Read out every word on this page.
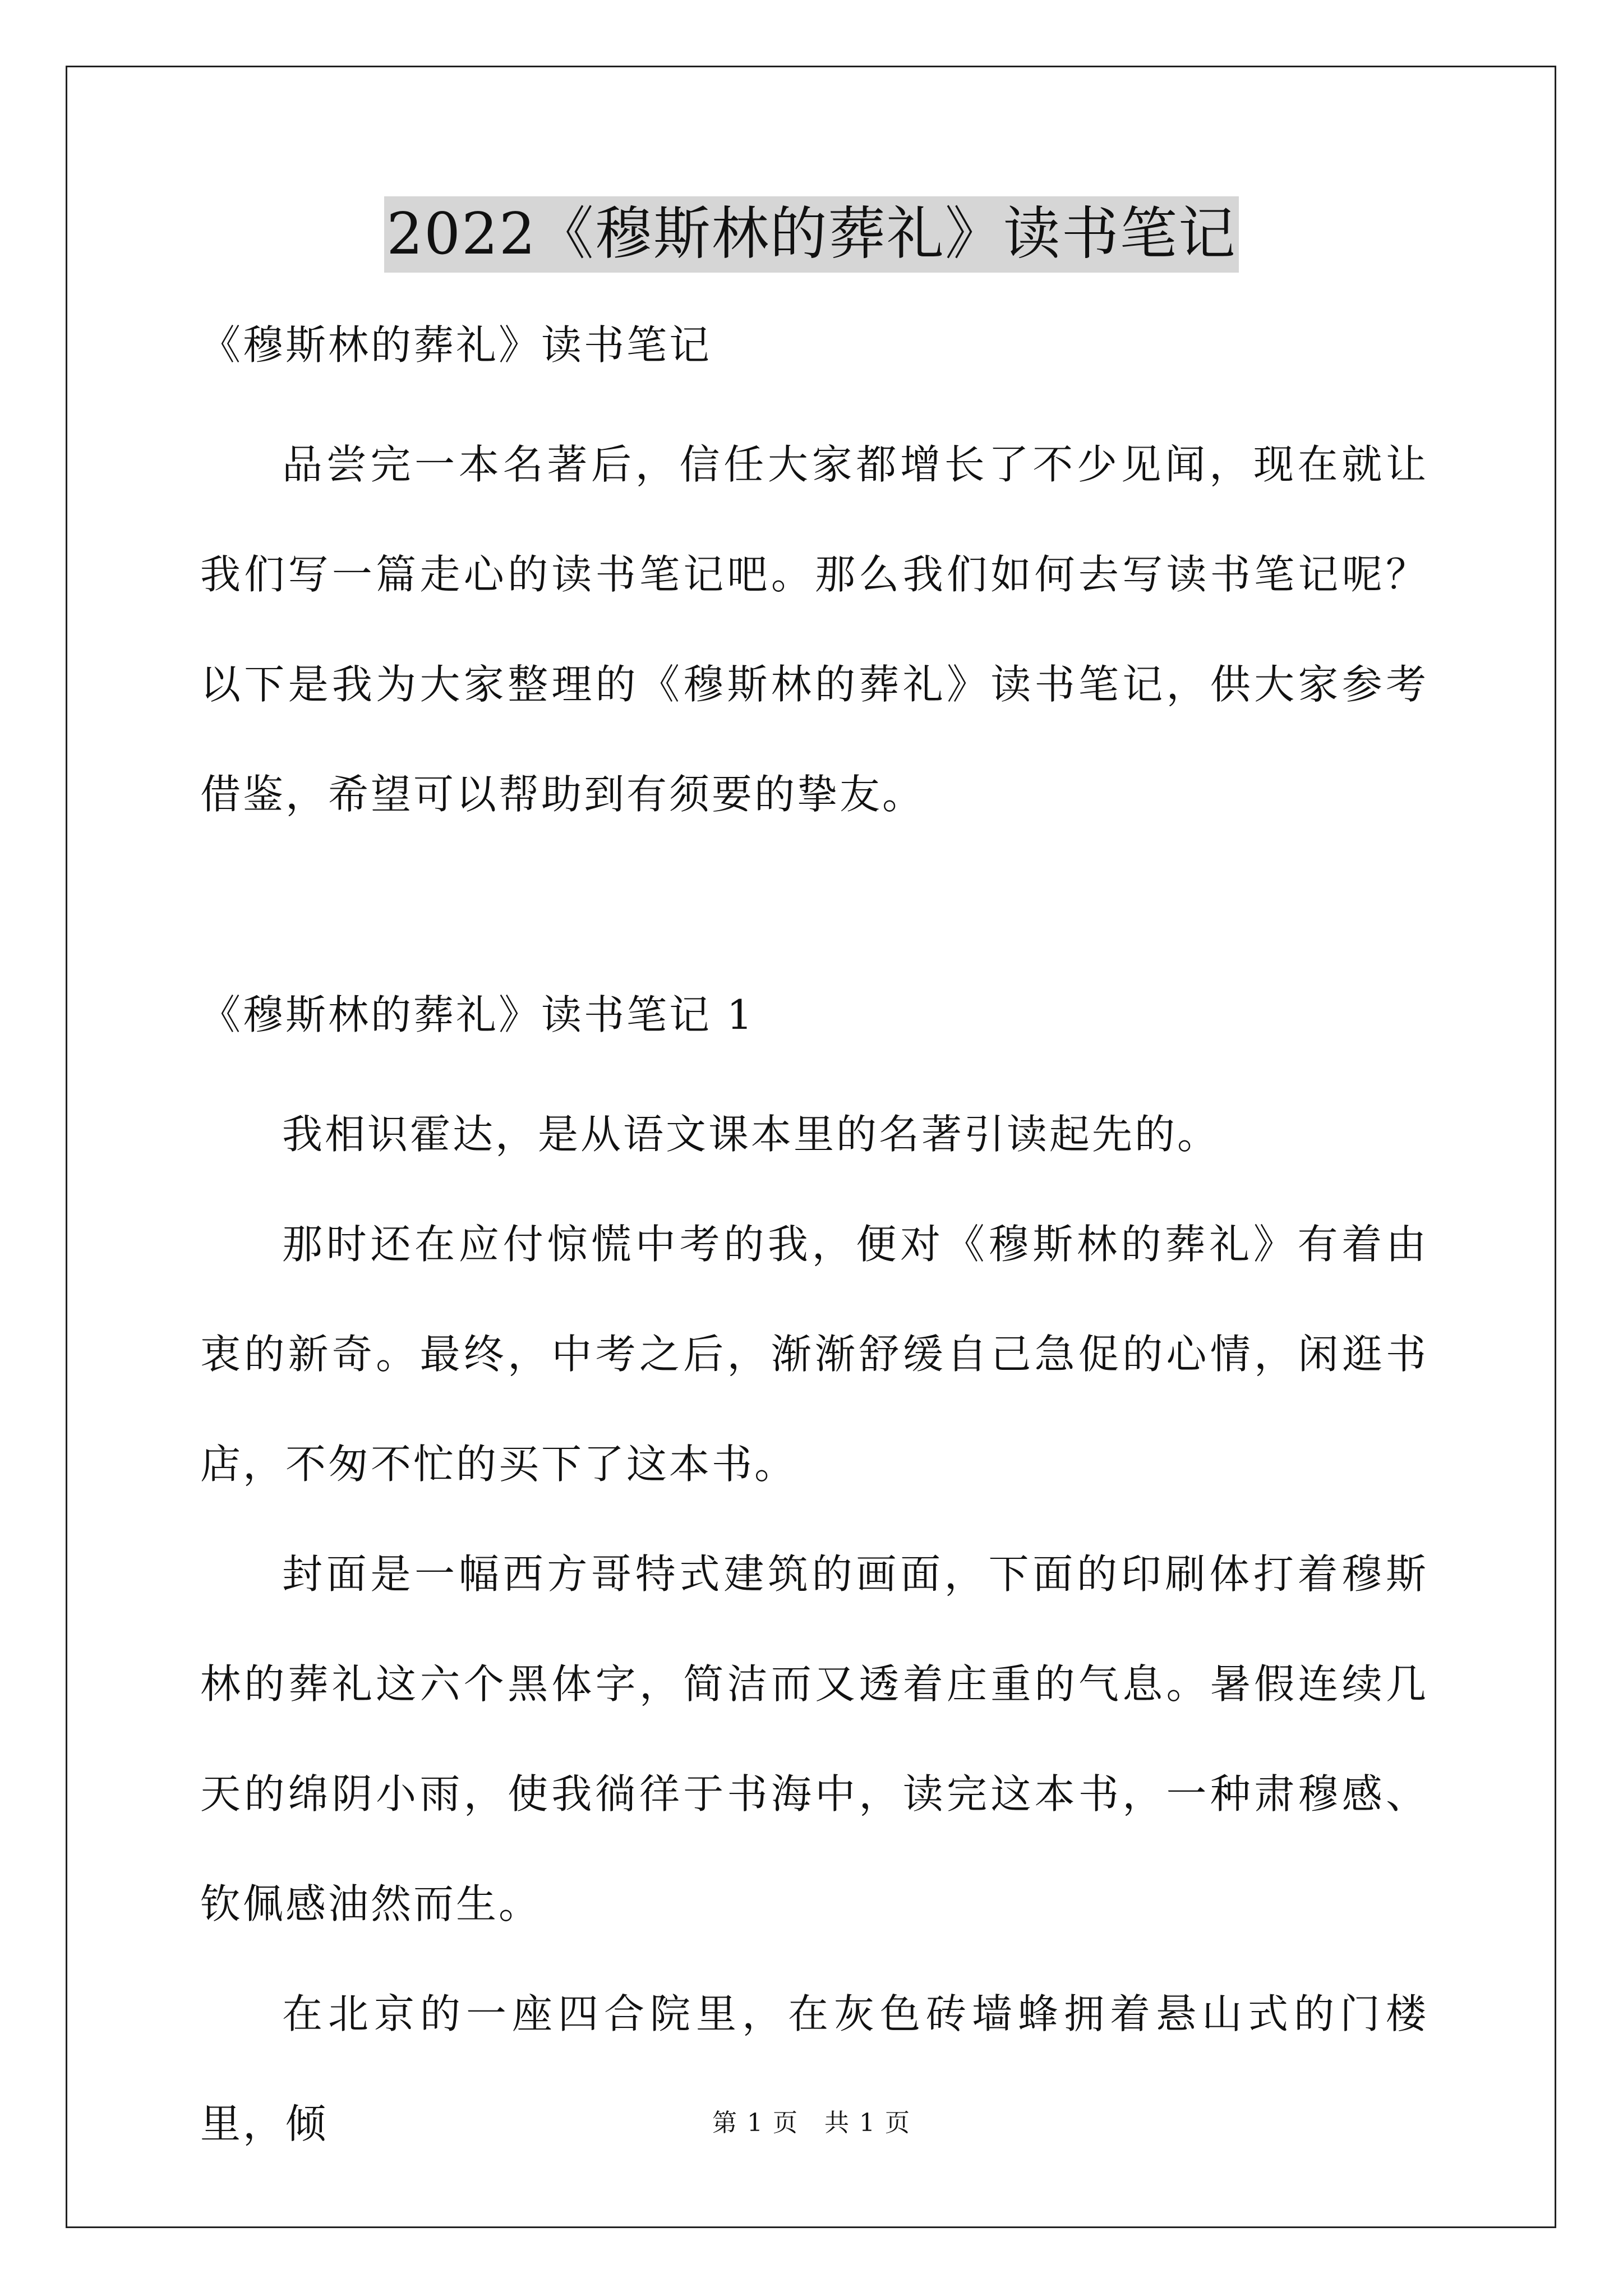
2022《穆斯林的葬礼》读书笔记

《穆斯林的葬礼》读书笔记

品尝完一本名著后，信任大家都增长了不少见闻，现在就让我们写一篇走心的读书笔记吧。那么我们如何去写读书笔记呢？以下是我为大家整理的《穆斯林的葬礼》读书笔记，供大家参考借鉴，希望可以帮助到有须要的挚友。

《穆斯林的葬礼》读书笔记 1

我相识霍达，是从语文课本里的名著引读起先的。

那时还在应付惊慌中考的我，便对《穆斯林的葬礼》有着由衷的新奇。最终，中考之后，渐渐舒缓自己急促的心情，闲逛书店，不匆不忙的买下了这本书。

封面是一幅西方哥特式建筑的画面，下面的印刷体打着穆斯林的葬礼这六个黑体字，简洁而又透着庄重的气息。暑假连续几天的绵阴小雨，使我徜徉于书海中，读完这本书，一种肃穆感、钦佩感油然而生。

在北京的一座四合院里，在灰色砖墙蜂拥着悬山式的门楼里，倾	第 1 页　共 1 页
